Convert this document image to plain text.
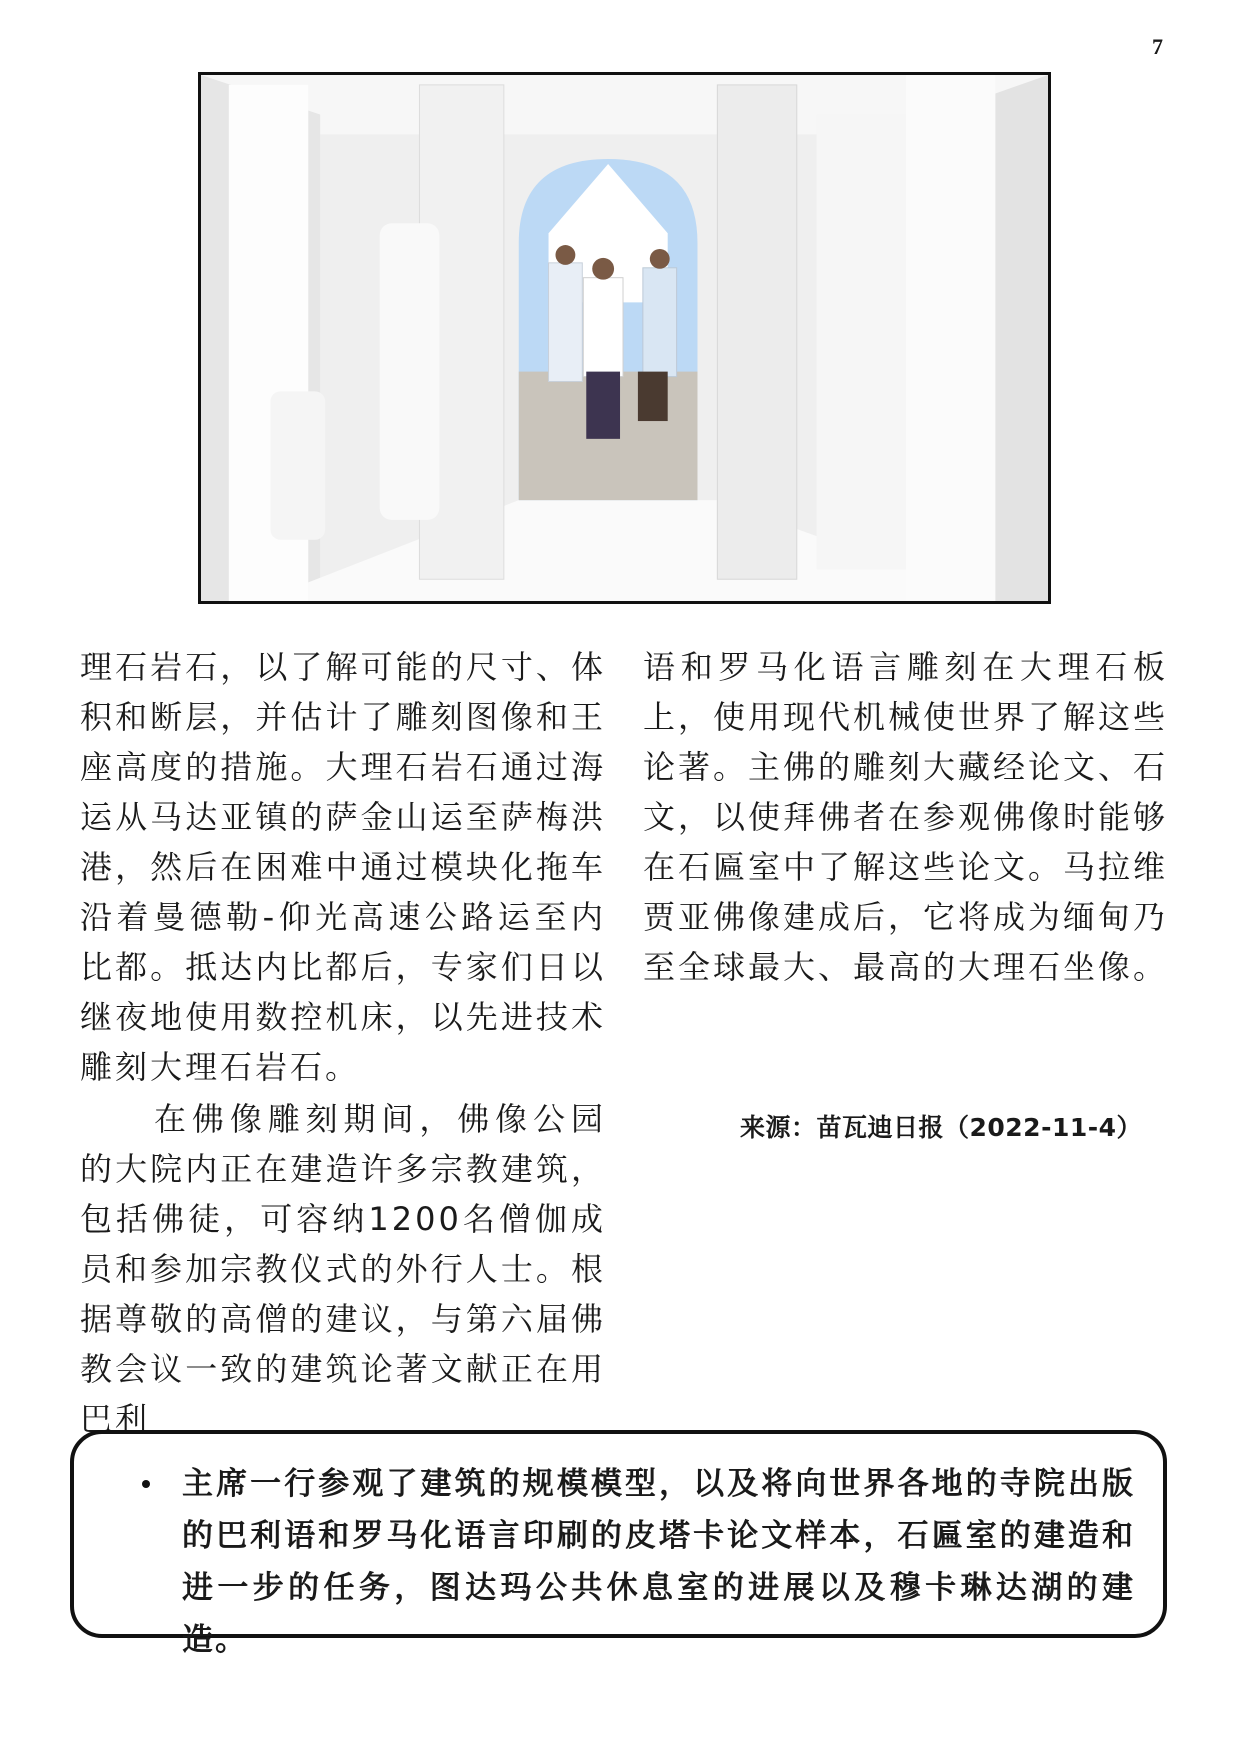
7

理石岩石，以了解可能的尺寸、体积和断层，并估计了雕刻图像和王座高度的措施。大理石岩石通过海运从马达亚镇的萨金山运至萨梅洪港，然后在困难中通过模块化拖车沿着曼德勒-仰光高速公路运至内比都。抵达内比都后，专家们日以继夜地使用数控机床，以先进技术雕刻大理石岩石。

在佛像雕刻期间，佛像公园的大院内正在建造许多宗教建筑，包括佛徒，可容纳1200名僧伽成员和参加宗教仪式的外行人士。根据尊敬的高僧的建议，与第六届佛教会议一致的建筑论著文献正在用巴利

语和罗马化语言雕刻在大理石板上，使用现代机械使世界了解这些论著。主佛的雕刻大藏经论文、石文，以使拜佛者在参观佛像时能够在石匾室中了解这些论文。马拉维贾亚佛像建成后，它将成为缅甸乃至全球最大、最高的大理石坐像。

来源：苗瓦迪日报（2022-11-4）
主席一行参观了建筑的规模模型，以及将向世界各地的寺院出版的巴利语和罗马化语言印刷的皮塔卡论文样本，石匾室的建造和进一步的任务，图达玛公共休息室的进展以及穆卡琳达湖的建造。
